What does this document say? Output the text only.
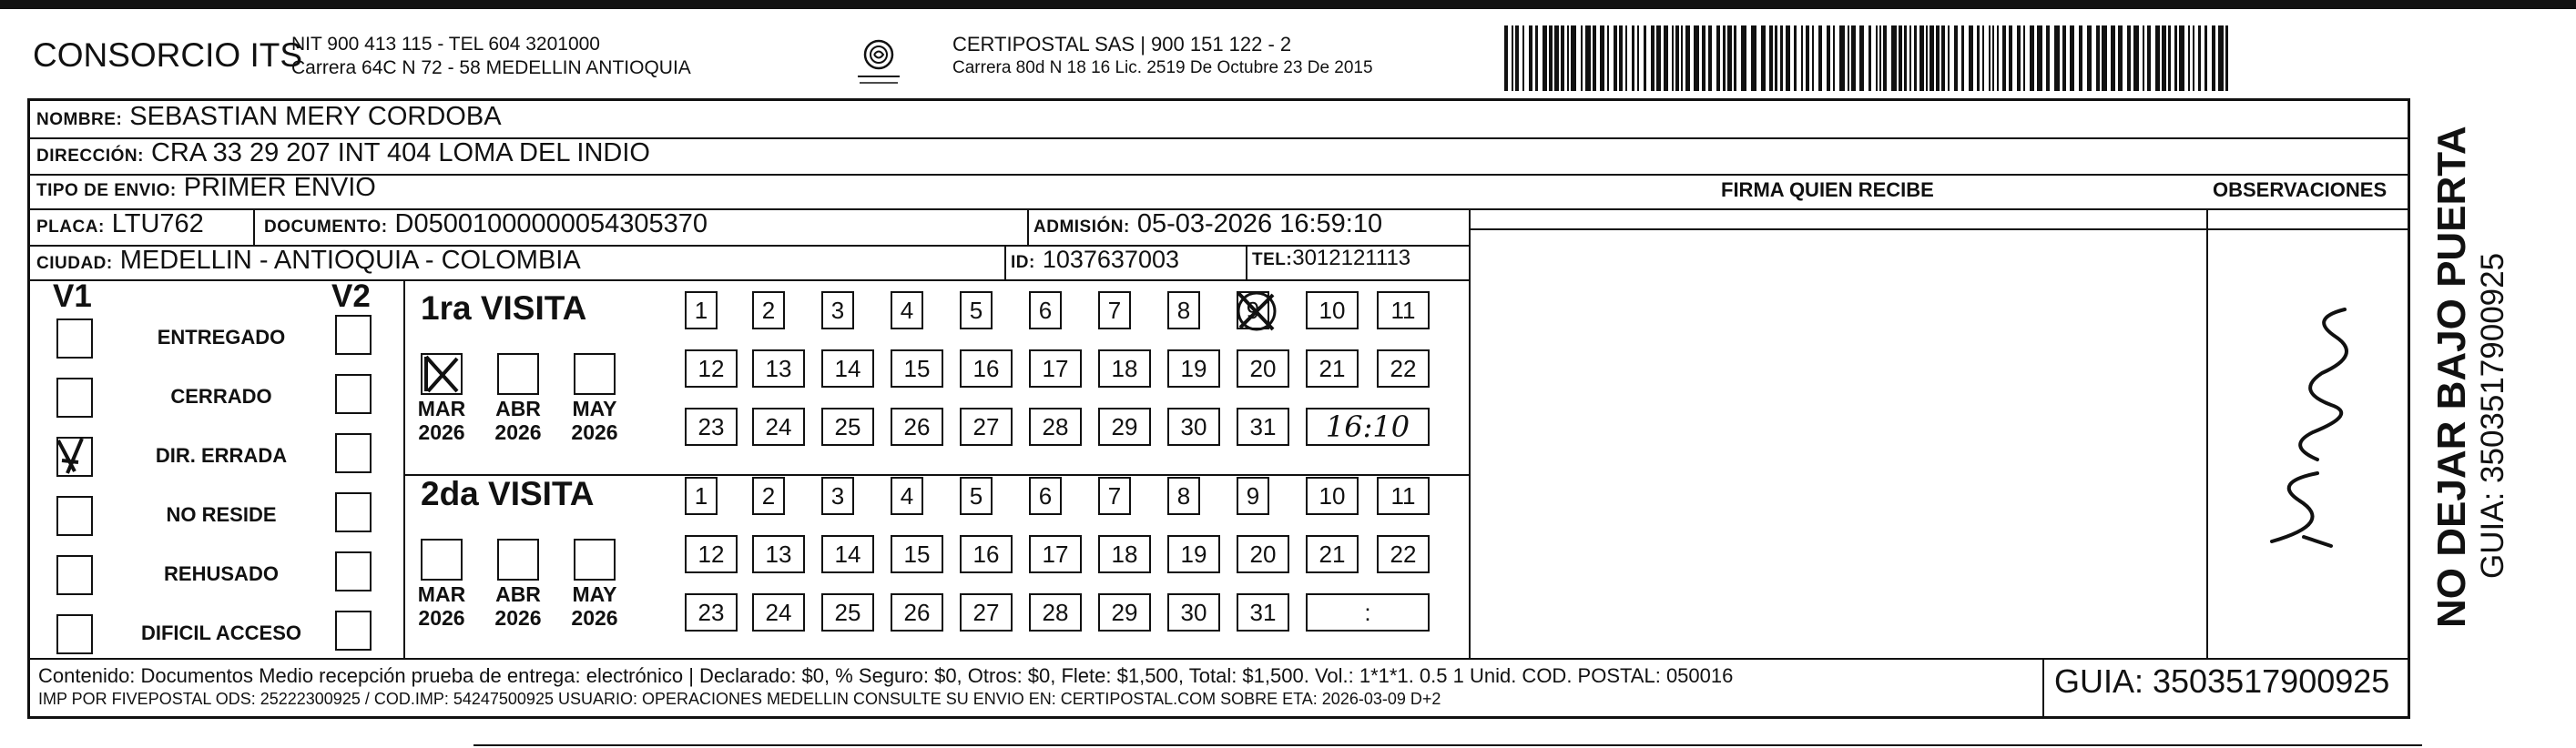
CONSORCIO ITS
NIT 900 413 115 - TEL 604 3201000
Carrera 64C N 72 - 58 MEDELLIN ANTIOQUIA
CERTIPOSTAL SAS | 900 151 122 - 2
Carrera 80d N 18 16 Lic. 2519 De Octubre 23 De 2015
NOMBRE: SEBASTIAN MERY CORDOBA
DIRECCIÓN: CRA 33 29 207 INT 404 LOMA DEL INDIO
TIPO DE ENVIO: PRIMER ENVIO
PLACA: LTU762	DOCUMENTO: D05001000000054305370	ADMISIÓN: 05-03-2026 16:59:10
CIUDAD: MEDELLIN - ANTIOQUIA - COLOMBIA	ID: 1037637003	TEL: 3012121113
FIRMA QUIEN RECIBE	OBSERVACIONES
V1	V2
ENTREGADO
CERRADO
DIR. ERRADA
NO RESIDE
REHUSADO
DIFICIL ACCESO
1ra VISITA
MAR
2026
ABR
2026
MAY
2026
1	2	3	4	5	6	7	8	9	10	11
12	13	14	15	16	17	18	19	20	21	22
23	24	25	26	27	28	29	30	31	16:10
2da VISITA
MAR
2026
ABR
2026
MAY
2026
1	2	3	4	5	6	7	8	9	10	11
12	13	14	15	16	17	18	19	20	21	22
23	24	25	26	27	28	29	30	31	:
Contenido: Documentos Medio recepción prueba de entrega: electrónico | Declarado: $0, % Seguro: $0, Otros: $0, Flete: $1,500, Total: $1,500. Vol.: 1*1*1. 0.5 1 Unid. COD. POSTAL: 050016
IMP POR FIVEPOSTAL ODS: 25222300925 / COD.IMP: 54247500925 USUARIO: OPERACIONES MEDELLIN CONSULTE SU ENVIO EN: CERTIPOSTAL.COM SOBRE ETA: 2026-03-09 D+2	GUIA: 3503517900925
NO DEJAR BAJO PUERTA GUIA: 3503517900925
